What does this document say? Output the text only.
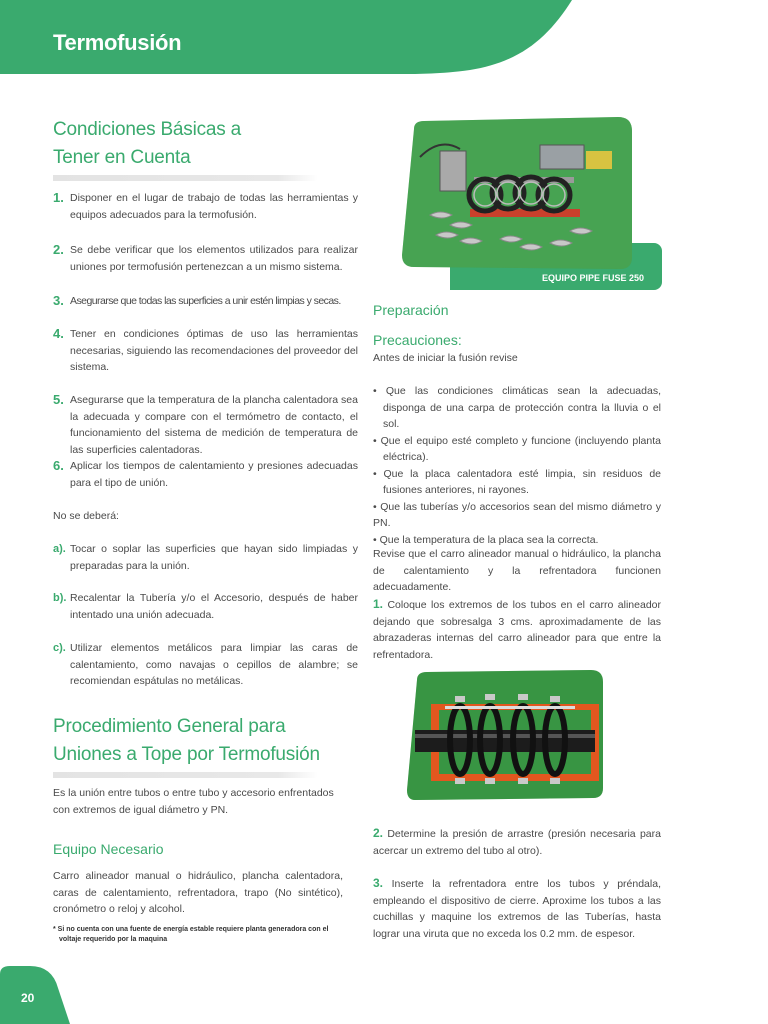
Termofusión
Condiciones Básicas a
Tener en Cuenta
1. Disponer en el lugar de trabajo de todas las herramientas y equipos adecuados para la termofusión.
2. Se debe verificar que los elementos utilizados para realizar uniones por termofusión pertenezcan a un mismo sistema.
3. Asegurarse que todas las superficies a unir estén limpias y secas.
4. Tener en condiciones óptimas de uso las herramientas necesarias, siguiendo las recomendaciones del proveedor del sistema.
5. Asegurarse que la temperatura de la plancha calentadora sea la adecuada y compare con el termómetro de contacto, el funcionamiento del sistema de medición de temperatura de las superficies calentadoras.
6. Aplicar los tiempos de calentamiento y presiones adecuadas para el tipo de unión.
No se deberá:
a). Tocar o soplar las superficies que hayan sido limpiadas y preparadas para la unión.
b). Recalentar la Tubería y/o el Accesorio, después de haber intentado una unión adecuada.
c). Utilizar elementos metálicos para limpiar las caras de calentamiento, como navajas o cepillos de alambre; se recomiendan espátulas no metálicas.
Procedimiento General para
Uniones a Tope por Termofusión
Es la unión entre tubos o entre tubo y accesorio enfrentados con extremos de igual diámetro y PN.
Equipo Necesario
Carro alineador manual o hidráulico, plancha calentadora, caras de calentamiento, refrentadora, trapo (No sintético), cronómetro o reloj y alcohol.
* Si no cuenta con una fuente de energía estable requiere planta generadora con el
voltaje requerido por la maquina
EQUIPO PIPE FUSE 250
Preparación
Precauciones:
Antes de iniciar la fusión revise
• Que las condiciones climáticas sean la adecuadas, disponga de una carpa de protección contra la lluvia o el sol.
• Que el equipo esté completo y funcione (incluyendo planta eléctrica).
• Que la placa calentadora esté limpia, sin residuos de fusiones anteriores, ni rayones.
• Que las tuberías y/o accesorios sean del mismo diámetro y PN.
• Que la temperatura de la placa sea la correcta.
Revise que el carro alineador manual o hidráulico, la plancha de calentamiento y la refrentadora funcionen adecuadamente.
1. Coloque los extremos de los tubos en el carro alineador dejando que sobresalga 3 cms. aproximadamente de las abrazaderas internas del carro alineador para que entre la refrentadora.
2. Determine la presión de arrastre (presión necesaria para acercar un extremo del tubo al otro).
3. Inserte la refrentadora entre los tubos y préndala, empleando el dispositivo de cierre. Aproxime los tubos a las cuchillas y maquine los extremos de las Tuberías, hasta lograr una viruta que no exceda los 0.2 mm. de espesor.
20
